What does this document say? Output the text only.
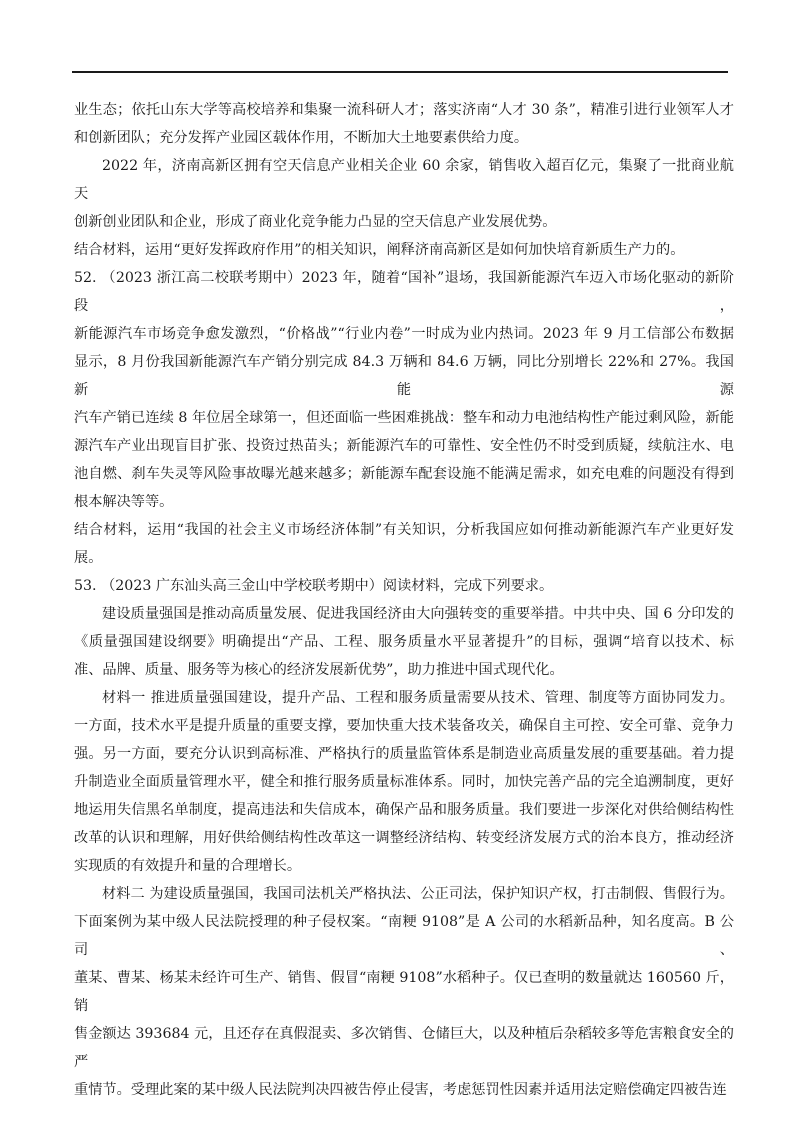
业生态；依托山东大学等高校培养和集聚一流科研人才；落实济南“人才 30 条”，精准引进行业领军人才
和创新团队；充分发挥产业园区载体作用，不断加大土地要素供给力度。
2022 年，济南高新区拥有空天信息产业相关企业 60 余家，销售收入超百亿元，集聚了一批商业航天
创新创业团队和企业，形成了商业化竞争能力凸显的空天信息产业发展优势。
结合材料，运用“更好发挥政府作用”的相关知识，阐释济南高新区是如何加快培育新质生产力的。
52. （2023 浙江高二校联考期中）2023 年，随着“国补”退场，我国新能源汽车迈入市场化驱动的新阶段，
新能源汽车市场竞争愈发激烈，“价格战”“行业内卷”一时成为业内热词。2023 年 9 月工信部公布数据
显示，8 月份我国新能源汽车产销分别完成 84.3 万辆和 84.6 万辆，同比分别增长 22%和 27%。我国新能源
汽车产销已连续 8 年位居全球第一，但还面临一些困难挑战：整车和动力电池结构性产能过剩风险，新能
源汽车产业出现盲目扩张、投资过热苗头；新能源汽车的可靠性、安全性仍不时受到质疑，续航注水、电
池自燃、刹车失灵等风险事故曝光越来越多；新能源车配套设施不能满足需求，如充电难的问题没有得到
根本解决等等。
结合材料，运用“我国的社会主义市场经济体制”有关知识，分析我国应如何推动新能源汽车产业更好发
展。
53. （2023 广东汕头高三金山中学校联考期中）阅读材料，完成下列要求。
建设质量强国是推动高质量发展、促进我国经济由大向强转变的重要举措。中共中央、国 6 分印发的
《质量强国建设纲要》明确提出“产品、工程、服务质量水平显著提升”的目标，强调“培育以技术、标
准、品牌、质量、服务等为核心的经济发展新优势”，助力推进中国式现代化。
材料一 推进质量强国建设，提升产品、工程和服务质量需要从技术、管理、制度等方面协同发力。
一方面，技术水平是提升质量的重要支撑，要加快重大技术装备攻关，确保自主可控、安全可靠、竞争力
强。另一方面，要充分认识到高标准、严格执行的质量监管体系是制造业高质量发展的重要基础。着力提
升制造业全面质量管理水平，健全和推行服务质量标准体系。同时，加快完善产品的完全追溯制度，更好
地运用失信黑名单制度，提高违法和失信成本，确保产品和服务质量。我们要进一步深化对供给侧结构性
改革的认识和理解，用好供给侧结构性改革这一调整经济结构、转变经济发展方式的治本良方，推动经济
实现质的有效提升和量的合理增长。
材料二 为建设质量强国，我国司法机关严格执法、公正司法，保护知识产权，打击制假、售假行为。
下面案例为某中级人民法院授理的种子侵权案。“南粳 9108”是 A 公司的水稻新品种，知名度高。B 公司、
董某、曹某、杨某未经许可生产、销售、假冒“南粳 9108”水稻种子。仅已查明的数量就达 160560 斤，销
售金额达 393684 元，且还存在真假混卖、多次销售、仓储巨大，以及种植后杂稻较多等危害粮食安全的严
重情节。受理此案的某中级人民法院判决四被告停止侵害，考虑惩罚性因素并适用法定赔偿确定四被告连
